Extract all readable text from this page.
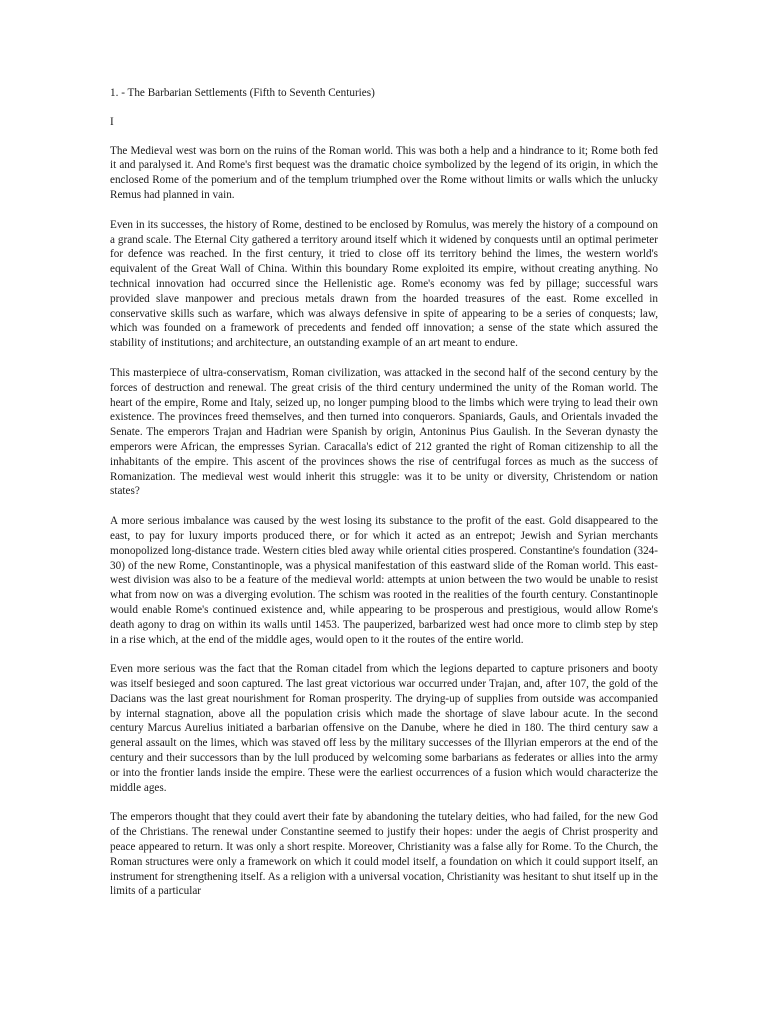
1. - The Barbarian Settlements (Fifth to Seventh Centuries)
I

The Medieval west was born on the ruins of the Roman world. This was both a help and a hindrance to it; Rome both fed it and paralysed it. And Rome's first bequest was the dramatic choice symbolized by the legend of its origin, in which the enclosed Rome of the pomerium and of the templum triumphed over the Rome without limits or walls which the unlucky Remus had planned in vain.

Even in its successes, the history of Rome, destined to be enclosed by Romulus, was merely the history of a compound on a grand scale. The Eternal City gathered a territory around itself which it widened by conquests until an optimal perimeter for defence was reached. In the first century, it tried to close off its territory behind the limes, the western world's equivalent of the Great Wall of China. Within this boundary Rome exploited its empire, without creating anything. No technical innovation had occurred since the Hellenistic age. Rome's economy was fed by pillage; successful wars provided slave manpower and precious metals drawn from the hoarded treasures of the east. Rome excelled in conservative skills such as warfare, which was always defensive in spite of appearing to be a series of conquests; law, which was founded on a framework of precedents and fended off innovation; a sense of the state which assured the stability of institutions; and architecture, an outstanding example of an art meant to endure.

This masterpiece of ultra-conservatism, Roman civilization, was attacked in the second half of the second century by the forces of destruction and renewal. The great crisis of the third century undermined the unity of the Roman world. The heart of the empire, Rome and Italy, seized up, no longer pumping blood to the limbs which were trying to lead their own existence. The provinces freed themselves, and then turned into conquerors. Spaniards, Gauls, and Orientals invaded the Senate. The emperors Trajan and Hadrian were Spanish by origin, Antoninus Pius Gaulish. In the Severan dynasty the emperors were African, the empresses Syrian. Caracalla's edict of 212 granted the right of Roman citizenship to all the inhabitants of the empire. This ascent of the provinces shows the rise of centrifugal forces as much as the success of Romanization. The medieval west would inherit this struggle: was it to be unity or diversity, Christendom or nation states?

A more serious imbalance was caused by the west losing its substance to the profit of the east. Gold disappeared to the east, to pay for luxury imports produced there, or for which it acted as an entrepot; Jewish and Syrian merchants monopolized long-distance trade. Western cities bled away while oriental cities prospered. Constantine's foundation (324-30) of the new Rome, Constantinople, was a physical manifestation of this eastward slide of the Roman world. This east-west division was also to be a feature of the medieval world: attempts at union between the two would be unable to resist what from now on was a diverging evolution. The schism was rooted in the realities of the fourth century. Constantinople would enable Rome's continued existence and, while appearing to be prosperous and prestigious, would allow Rome's death agony to drag on within its walls until 1453. The pauperized, barbarized west had once more to climb step by step in a rise which, at the end of the middle ages, would open to it the routes of the entire world.

Even more serious was the fact that the Roman citadel from which the legions departed to capture prisoners and booty was itself besieged and soon captured. The last great victorious war occurred under Trajan, and, after 107, the gold of the Dacians was the last great nourishment for Roman prosperity. The drying-up of supplies from outside was accompanied by internal stagnation, above all the population crisis which made the shortage of slave labour acute. In the second century Marcus Aurelius initiated a barbarian offensive on the Danube, where he died in 180. The third century saw a general assault on the limes, which was staved off less by the military successes of the Illyrian emperors at the end of the century and their successors than by the lull produced by welcoming some barbarians as federates or allies into the army or into the frontier lands inside the empire. These were the earliest occurrences of a fusion which would characterize the middle ages.

The emperors thought that they could avert their fate by abandoning the tutelary deities, who had failed, for the new God of the Christians. The renewal under Constantine seemed to justify their hopes: under the aegis of Christ prosperity and peace appeared to return. It was only a short respite. Moreover, Christianity was a false ally for Rome. To the Church, the Roman structures were only a framework on which it could model itself, a foundation on which it could support itself, an instrument for strengthening itself. As a religion with a universal vocation, Christianity was hesitant to shut itself up in the limits of a particular
